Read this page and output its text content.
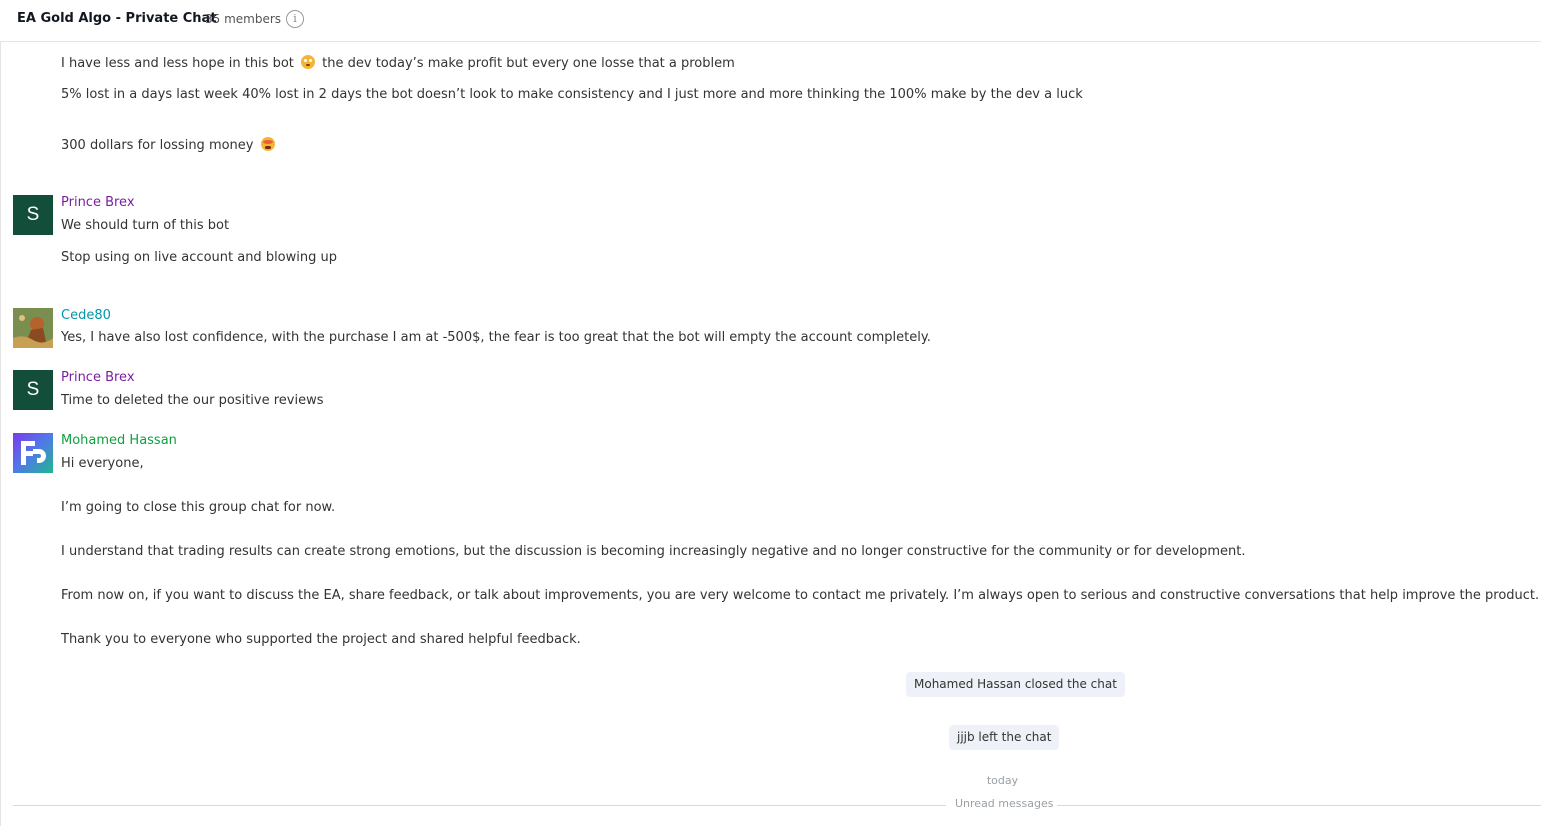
EA Gold Algo - Private Chat
35 members	i
I have less and less hope in this bot the dev today’s make profit but every one losse that a problem
5% lost in a days last week 40% lost in 2 days the bot doesn’t look to make consistency and I just more and more thinking the 100% make by the dev a luck
300 dollars for lossing money
S
Prince Brex
We should turn of this bot
Stop using on live account and blowing up
Cede80
Yes, I have also lost confidence, with the purchase I am at -500$, the fear is too great that the bot will empty the account completely.
S
Prince Brex
Time to deleted the our positive reviews
Mohamed Hassan
Hi everyone,
I’m going to close this group chat for now.
I understand that trading results can create strong emotions, but the discussion is becoming increasingly negative and no longer constructive for the community or for development.
From now on, if you want to discuss the EA, share feedback, or talk about improvements, you are very welcome to contact me privately. I’m always open to serious and constructive conversations that help improve the product.
Thank you to everyone who supported the project and shared helpful feedback.
Mohamed Hassan closed the chat
jjjb left the chat
today
Unread messages
